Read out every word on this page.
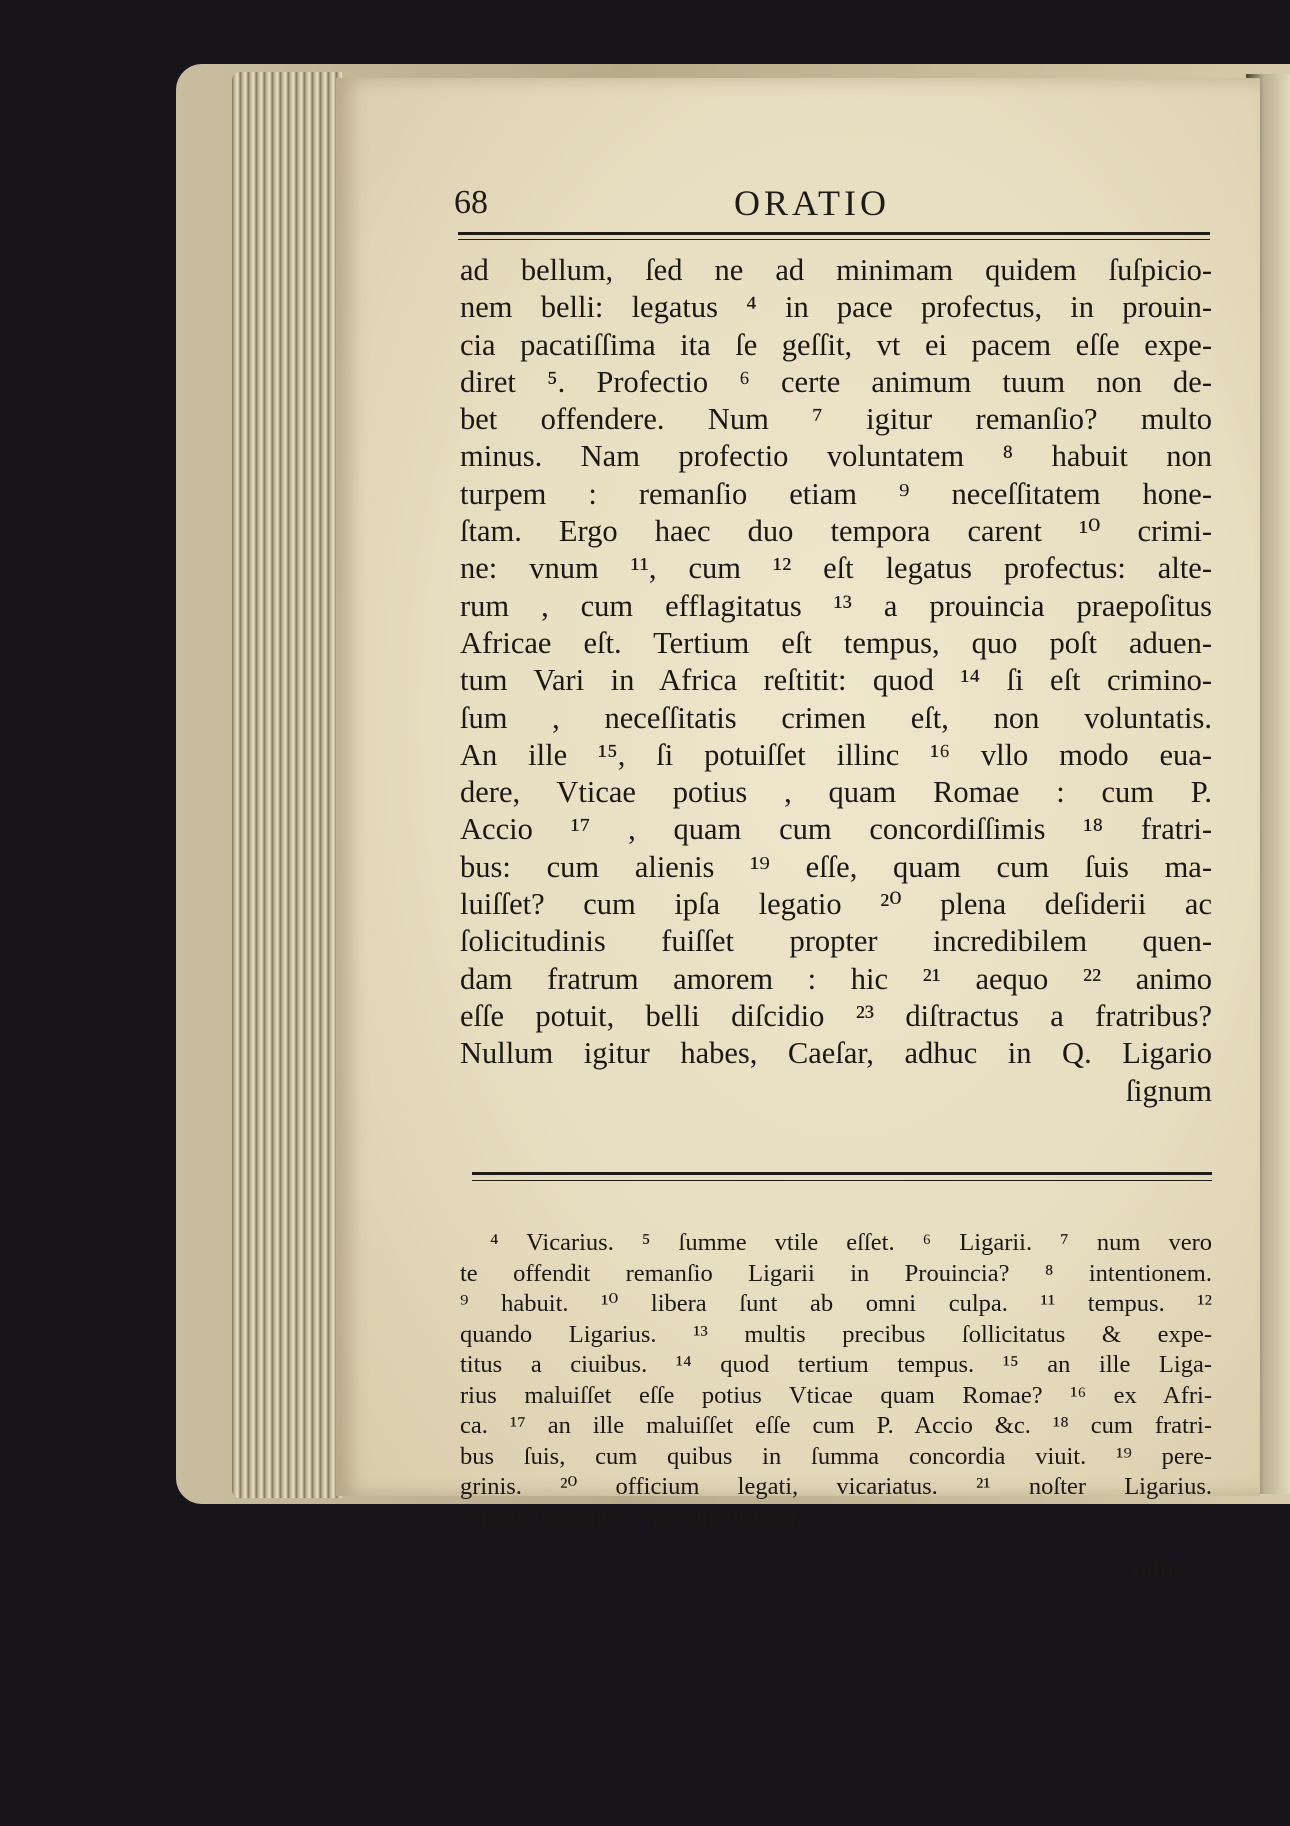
68	ORATIO
ad bellum, ſed ne ad minimam quidem ſuſpicio-
nem belli: legatus ⁴ in pace profectus, in prouin-
cia pacatiſſima ita ſe geſſit, vt ei pacem eſſe expe-
diret ⁵. Profectio ⁶ certe animum tuum non de-
bet offendere. Num ⁷ igitur remanſio? multo
minus. Nam profectio voluntatem ⁸ habuit non
turpem : remanſio etiam ⁹ neceſſitatem hone-
ſtam. Ergo haec duo tempora carent ¹⁰ crimi-
ne: vnum ¹¹, cum ¹² eſt legatus profectus: alte-
rum , cum efflagitatus ¹³ a prouincia praepoſitus
Africae eſt. Tertium eſt tempus, quo poſt aduen-
tum Vari in Africa reſtitit: quod ¹⁴ ſi eſt crimino-
ſum , neceſſitatis crimen eſt, non voluntatis.
An ille ¹⁵, ſi potuiſſet illinc ¹⁶ vllo modo eua-
dere, Vticae potius , quam Romae : cum P.
Accio ¹⁷ , quam cum concordiſſimis ¹⁸ fratri-
bus: cum alienis ¹⁹ eſſe, quam cum ſuis ma-
luiſſet? cum ipſa legatio ²⁰ plena deſiderii ac
ſolicitudinis fuiſſet propter incredibilem quen-
dam fratrum amorem : hic ²¹ aequo ²² animo
eſſe potuit, belli diſcidio ²³ diſtractus a fratribus?
Nullum igitur habes, Caeſar, adhuc in Q. Ligario
ſignum
⁴ Vicarius. ⁵ ſumme vtile eſſet. ⁶ Ligarii. ⁷ num vero
te offendit remanſio Ligarii in Prouincia? ⁸ intentionem.
⁹ habuit. ¹⁰ libera ſunt ab omni culpa. ¹¹ tempus. ¹²
quando Ligarius. ¹³ multis precibus ſollicitatus & expe-
titus a ciuibus. ¹⁴ quod tertium tempus. ¹⁵ an ille Liga-
rius maluiſſet eſſe potius Vticae quam Romae? ¹⁶ ex Afri-
ca. ¹⁷ an ille maluiſſet eſſe cum P. Accio &c. ¹⁸ cum fratri-
bus ſuis, cum quibus in ſumma concordia viuit. ¹⁹ pere-
grinis. ²⁰ officium legati, vicariatus. ²¹ noſter Ligarius.
²² laeto bonoque. ²³ per diſcordiam.
²⁴ odiis
